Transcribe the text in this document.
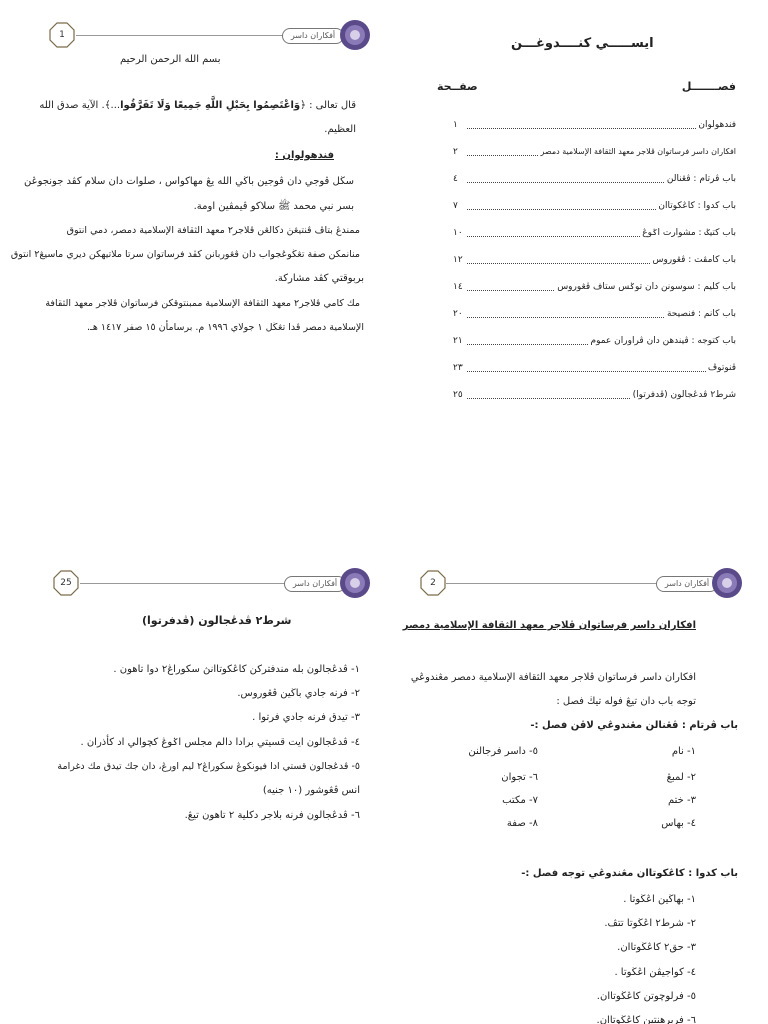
1	أفكاران داسر
بسم الله الرحمن الرحيم
قال تعالى : ﴿وَاعْتَصِمُوا بِحَبْلِ اللَّهِ جَمِيعًا وَلَا تَفَرَّقُوا...﴾. الآية صدق الله
العظيم.
فندهولوان :
سڬل ڤوجي دان ڤوجين باڬي الله يڠ مهاكواس ، صلوات دان سلام كڤد جونجوڠن
بسر نبي محمد ﷺ سلاكو ڤيمڤين اومة.
ممندڠ بتاڤ ڤنتيڠڽ دكالڠن ڤلاجر٢ معهد الثقافة الإسلامية دمصر، دمي انتوق
منانمكن صفة تڠڬوڠجواب دان ڤڠوربانن كڤد فرساتوان سرتا ملاتيهكن ديري ماسيڠ٢ انتوق
بربوقتي كڤد مشاركة.
مك كامي ڤلاجر٢ معهد الثقافة الإسلامية ممبنتوقكن فرساتوان ڤلاجر معهد الثقافة
الإسلامية دمصر ڤدا تڠڬل ١ جولاي ١٩٩٦ م. برسامأن ١٥ صفر ١٤١٧ هـ.
ايســـــي كنــــدوغـــن
فصـــــــل
صفــحة
فندهولوان
١
افكاران داسر فرساتوان ڤلاجر معهد الثقافة الإسلامية دمصر
٢
باب ڤرتام : ڤڠنالن
٤
باب كدوا : كاڠكوتاان
٧
باب كتيݢ : مشوارت اݢوڠ
١٠
باب كامڤت : ڤڠوروس
١٢
باب كليم : سوسونن دان توݢس ستاف ڤڠوروس
١٤
باب كانم : فنصيحة
٢٠
باب كتوجه : ڤيندهن دان ڤراوران عموم
٢١
ڤنوتوڤ
٢٣
شرط٢ ڤدڠجالون (ڤدفرتوا)
٢٥
25	أفكاران داسر
شرط٢ ڤدڠجالون (ڤدفرتوا)
١- ڤدڠجالون بله مندفترکن كاڠكوتاانڽ سكوراڠ٢ دوا تاهون .
٢- فرنه جادي باڬين ڤڠوروس.
٣- تيدق فرنه جادي فرتوا .
٤- ڤدڠجالون ايت قسيتي برادا دالم مجلس اݢوڠ كچوالي اد كأذران .
٥- ڤدڠجالون قستي ادا فيونكوڠ سكوراڠ٢ ليم اورڠ، دان جك تيدق مك دغرامة
انس ڤڠوشور (١٠ جنيه)
٦- ڤدڠجالون فرنه بلاجر دكلية ٢ تاهون تيڠ.
2	أفكاران داسر
افكاران داسر فرساتوان ڤلاجر معهد الثقافة الإسلامية دمصر
افكاران داسر فرساتوان ڤلاجر معهد الثقافة الإسلامية دمصر مڠندوڠي
توجه باب دان تيڠ فوله تيڬ فصل :
باب ڤرتام : ڤڠنالن مڠندوڠي لاڤن فصل :-
١- نام
٢- لمبڠ
٣- ختم
٤- بهاس
٥- داسر فرجالنن
٦- تجوان
٧- مكتب
٨- صفة
باب كدوا : كاڠكوتاان مڠندوڠي توجه فصل :-
١- بهاڬين اڠڬوتا .
٢- شرط٢ اڠڬوتا تتڤ.
٣- حق٢ كاڠڬوتاان.
٤- كواجيڤن اڠڬوتا .
٥- فرلوچوتن كاڠڬوتاان.
٦- فربرهنتين كاڠڬوتاان.
